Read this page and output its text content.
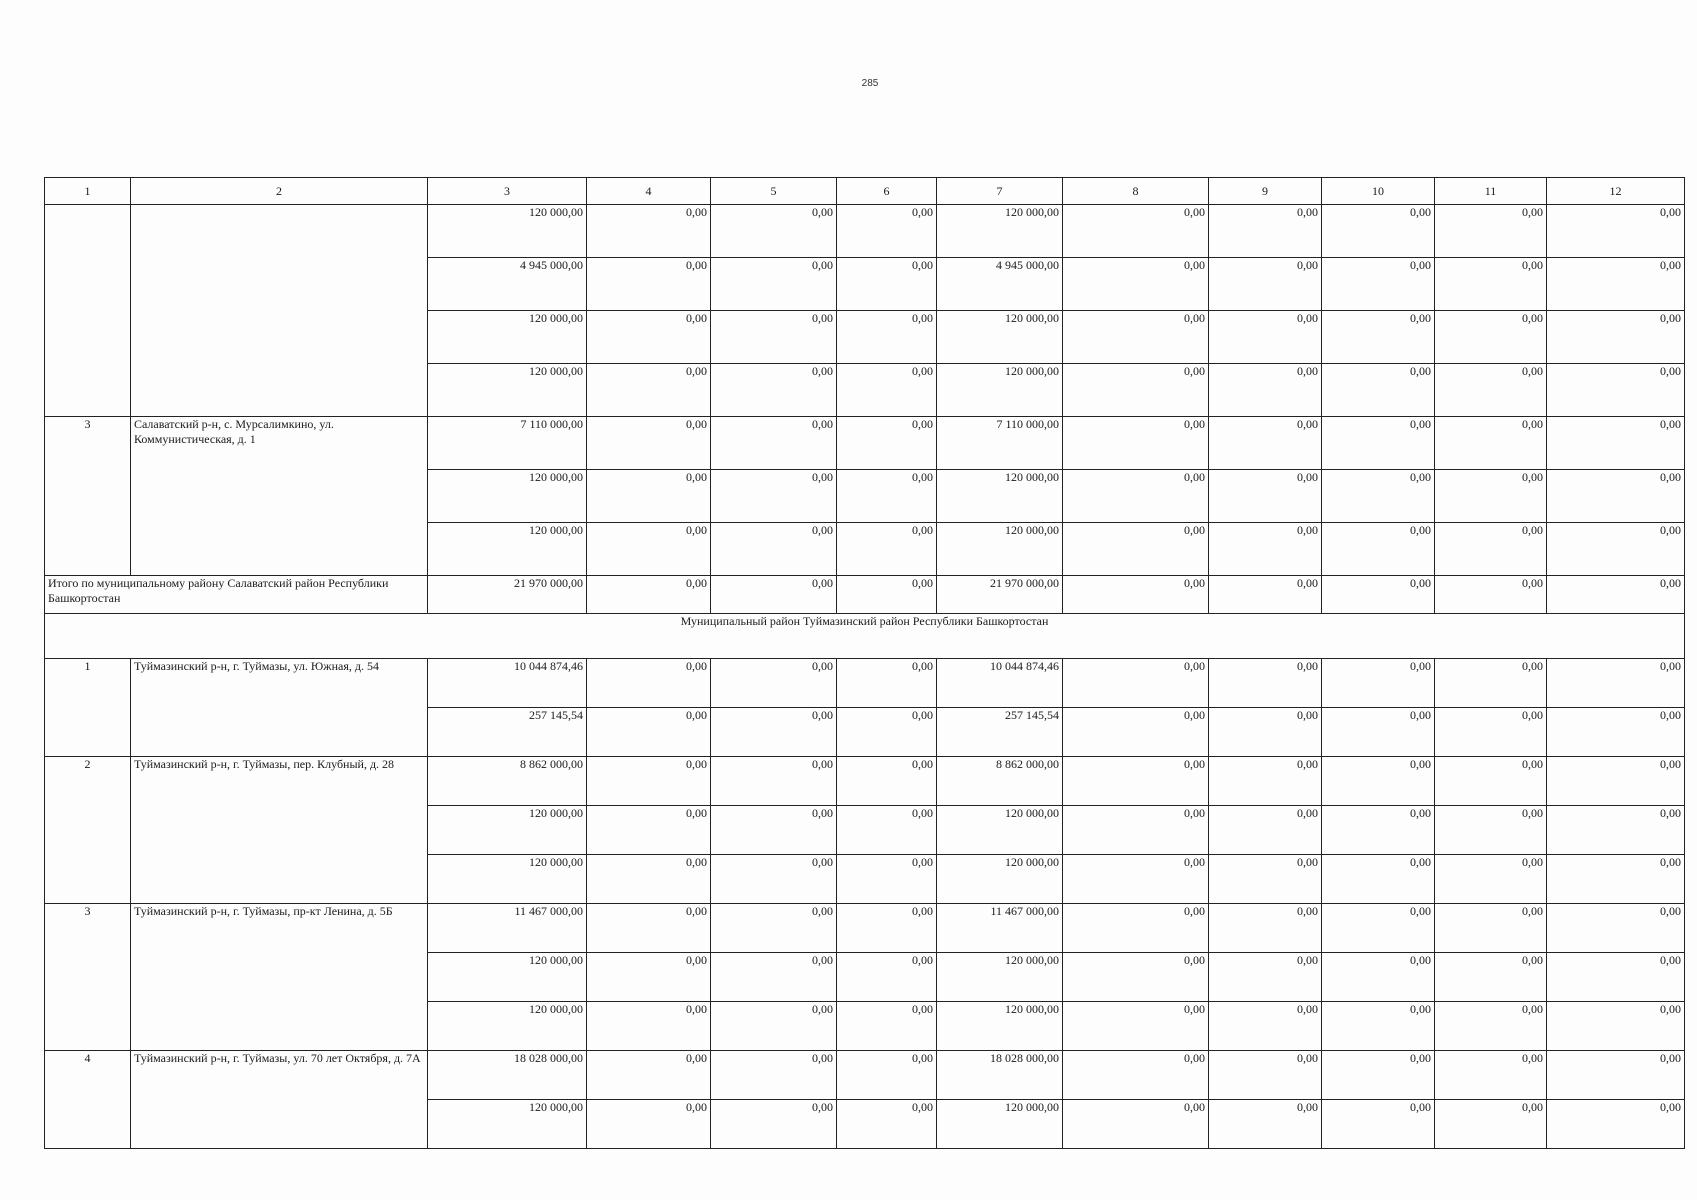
285
1	2	3	4	5	6	7	8	9	10	11	12
		120 000,00	0,00	0,00	0,00	120 000,00	0,00	0,00	0,00	0,00	0,00
		4 945 000,00	0,00	0,00	0,00	4 945 000,00	0,00	0,00	0,00	0,00	0,00
		120 000,00	0,00	0,00	0,00	120 000,00	0,00	0,00	0,00	0,00	0,00
		120 000,00	0,00	0,00	0,00	120 000,00	0,00	0,00	0,00	0,00	0,00
3	Салаватский р-н, с. Мурсалимкино, ул. Коммунистическая, д. 1	7 110 000,00	0,00	0,00	0,00	7 110 000,00	0,00	0,00	0,00	0,00	0,00
		120 000,00	0,00	0,00	0,00	120 000,00	0,00	0,00	0,00	0,00	0,00
		120 000,00	0,00	0,00	0,00	120 000,00	0,00	0,00	0,00	0,00	0,00
Итого по муниципальному району Салаватский район Республики Башкортостан		21 970 000,00	0,00	0,00	0,00	21 970 000,00	0,00	0,00	0,00	0,00	0,00
Муниципальный район Туймазинский район Республики Башкортостан											
1	Туймазинский р-н, г. Туймазы, ул. Южная, д. 54	10 044 874,46	0,00	0,00	0,00	10 044 874,46	0,00	0,00	0,00	0,00	0,00
		257 145,54	0,00	0,00	0,00	257 145,54	0,00	0,00	0,00	0,00	0,00
2	Туймазинский р-н, г. Туймазы, пер. Клубный, д. 28	8 862 000,00	0,00	0,00	0,00	8 862 000,00	0,00	0,00	0,00	0,00	0,00
		120 000,00	0,00	0,00	0,00	120 000,00	0,00	0,00	0,00	0,00	0,00
		120 000,00	0,00	0,00	0,00	120 000,00	0,00	0,00	0,00	0,00	0,00
3	Туймазинский р-н, г. Туймазы, пр-кт Ленина, д. 5Б	11 467 000,00	0,00	0,00	0,00	11 467 000,00	0,00	0,00	0,00	0,00	0,00
		120 000,00	0,00	0,00	0,00	120 000,00	0,00	0,00	0,00	0,00	0,00
		120 000,00	0,00	0,00	0,00	120 000,00	0,00	0,00	0,00	0,00	0,00
4	Туймазинский р-н, г. Туймазы, ул. 70 лет Октября, д. 7А	18 028 000,00	0,00	0,00	0,00	18 028 000,00	0,00	0,00	0,00	0,00	0,00
		120 000,00	0,00	0,00	0,00	120 000,00	0,00	0,00	0,00	0,00	0,00
